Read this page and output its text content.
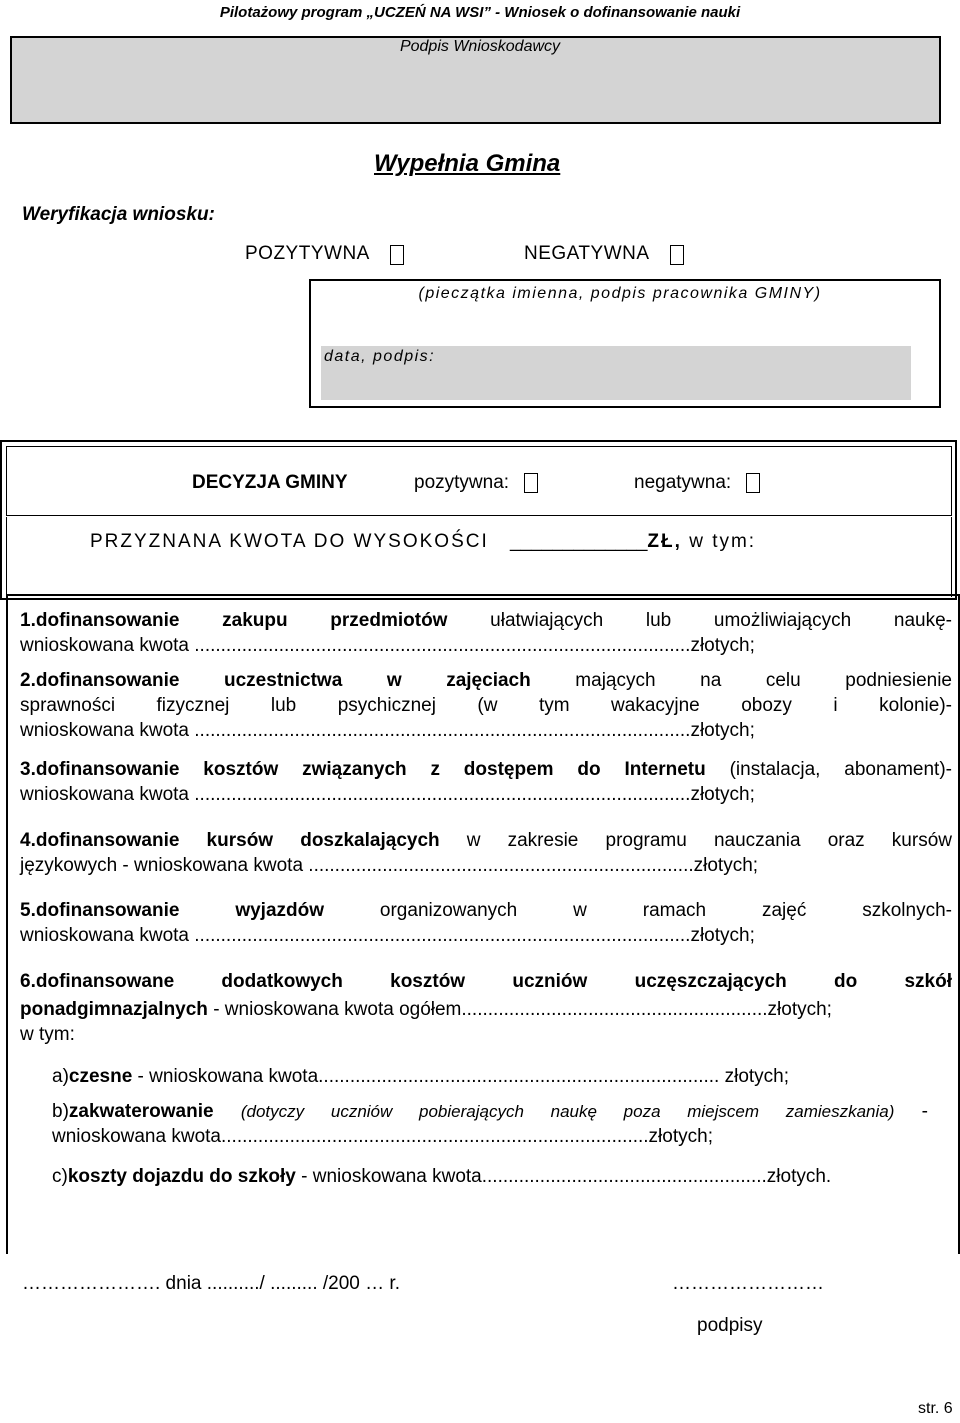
Pilotażowy program „UCZEŃ NA WSI” - Wniosek o dofinansowanie nauki
Podpis Wnioskodawcy
Wypełnia Gmina
Weryfikacja wniosku:
POZYTYWNA	NEGATYWNA
(pieczątka imienna, podpis pracownika GMINY)
data, podpis:
DECYZJA GMINY	pozytywna:	negatywna:
PRZYZNANA KWOTA DO WYSOKOŚCI _____________ZŁ, w tym:

1.dofinansowanie zakupu przedmiotów ułatwiających lub umożliwiających naukę-

wnioskowana kwota ..............................................................................................złotych;

2.dofinansowanie uczestnictwa w zajęciach mających na celu podniesienie

sprawności fizycznej lub psychicznej (w tym wakacyjne obozy i kolonie)-

wnioskowana kwota ..............................................................................................złotych;

3.dofinansowanie kosztów związanych z dostępem do Internetu (instalacja, abonament)-

wnioskowana kwota ..............................................................................................złotych;

4.dofinansowanie kursów doszkalających w zakresie programu nauczania oraz kursów

językowych - wnioskowana kwota .........................................................................złotych;

5.dofinansowanie wyjazdów organizowanych w ramach zajęć szkolnych-

wnioskowana kwota ..............................................................................................złotych;

6.dofinansowane dodatkowych kosztów uczniów uczęszczających do szkół

ponadgimnazjalnych - wnioskowana kwota ogółem..........................................................złotych;

w tym:

a)czesne - wnioskowana kwota............................................................................ złotych;

b)zakwaterowanie (dotyczy uczniów pobierających naukę poza miejscem zamieszkania) -

wnioskowana kwota.................................................................................złotych;

c)koszty dojazdu do szkoły - wnioskowana kwota......................................................złotych.

…………………. dnia ........../ ......... /200 … r.	……………………
podpisy
str. 6
